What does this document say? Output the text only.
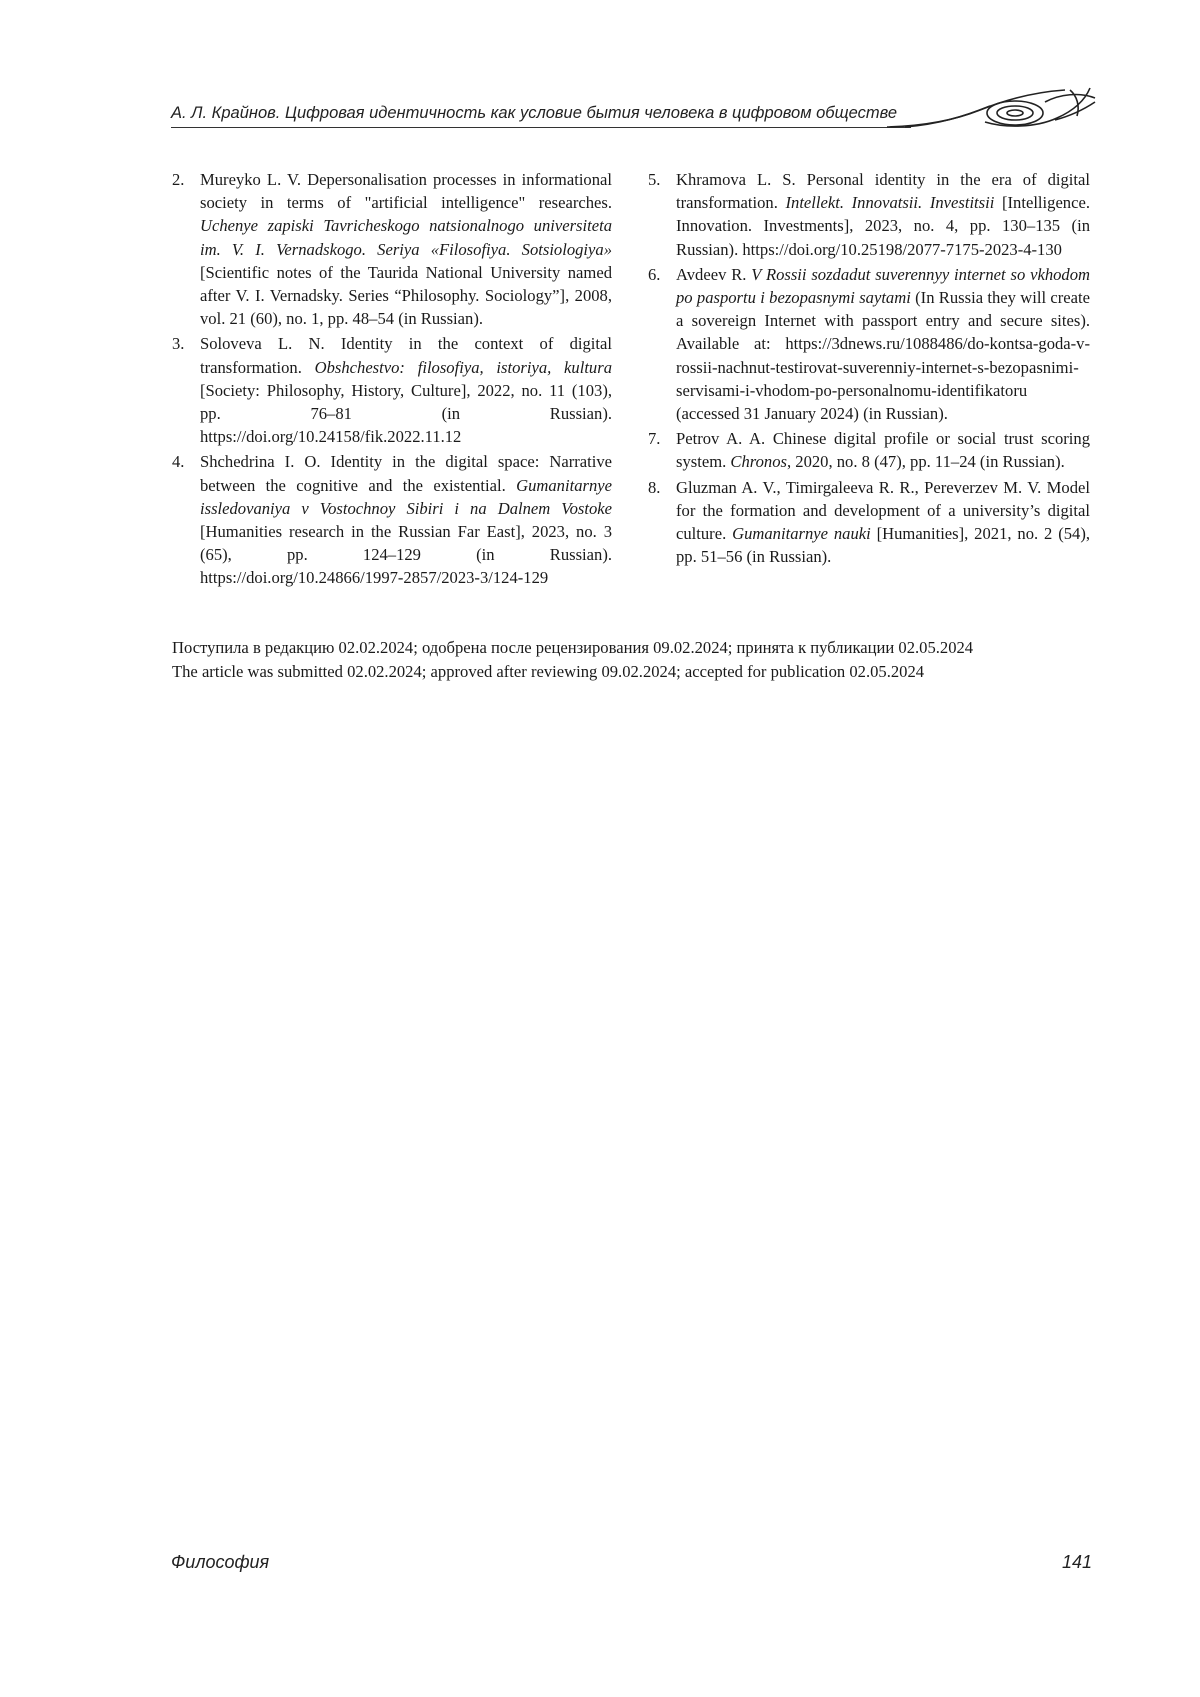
А. Л. Крайнов. Цифровая идентичность как условие бытия человека в цифровом обществе
2. Mureyko L. V. Depersonalisation processes in informational society in terms of "artificial intelligence" researches. Uchenye zapiski Tavricheskogo natsionalnogo universiteta im. V. I. Vernadskogo. Seriya «Filosofiya. Sotsiologiya» [Scientific notes of the Taurida National University named after V. I. Vernadsky. Series “Philosophy. Sociology”], 2008, vol. 21 (60), no. 1, pp. 48–54 (in Russian).
3. Soloveva L. N. Identity in the context of digital transformation. Obshchestvo: filosofiya, istoriya, kultura [Society: Philosophy, History, Culture], 2022, no. 11 (103), pp. 76–81 (in Russian). https://doi.org/10.24158/fik.2022.11.12
4. Shchedrina I. O. Identity in the digital space: Narrative between the cognitive and the existential. Gumanitarnye issledovaniya v Vostochnoy Sibiri i na Dalnem Vostoke [Humanities research in the Russian Far East], 2023, no. 3 (65), pp. 124–129 (in Russian). https://doi.org/10.24866/1997-2857/2023-3/124-129
5. Khramova L. S. Personal identity in the era of digital transformation. Intellekt. Innovatsii. Investitsii [Intelligence. Innovation. Investments], 2023, no. 4, pp. 130–135 (in Russian). https://doi.org/10.25198/2077-7175-2023-4-130
6. Avdeev R. V Rossii sozdadut suverennyy internet so vkhodom po pasportu i bezopasnymi saytami (In Russia they will create a sovereign Internet with passport entry and secure sites). Available at: https://3dnews.ru/1088486/do-kontsa-goda-v-rossii-nachnut-testirovat-suverenniy-internet-s-bezopasnimi-servisami-i-vhodom-po-personalnomu-identifikatoru (accessed 31 January 2024) (in Russian).
7. Petrov A. A. Chinese digital profile or social trust scoring system. Chronos, 2020, no. 8 (47), pp. 11–24 (in Russian).
8. Gluzman A. V., Timirgaleeva R. R., Pereverzev M. V. Model for the formation and development of a university’s digital culture. Gumanitarnye nauki [Humanities], 2021, no. 2 (54), pp. 51–56 (in Russian).
Поступила в редакцию 02.02.2024; одобрена после рецензирования 09.02.2024; принята к публикации 02.05.2024
The article was submitted 02.02.2024; approved after reviewing 09.02.2024; accepted for publication 02.05.2024
Философия	141
